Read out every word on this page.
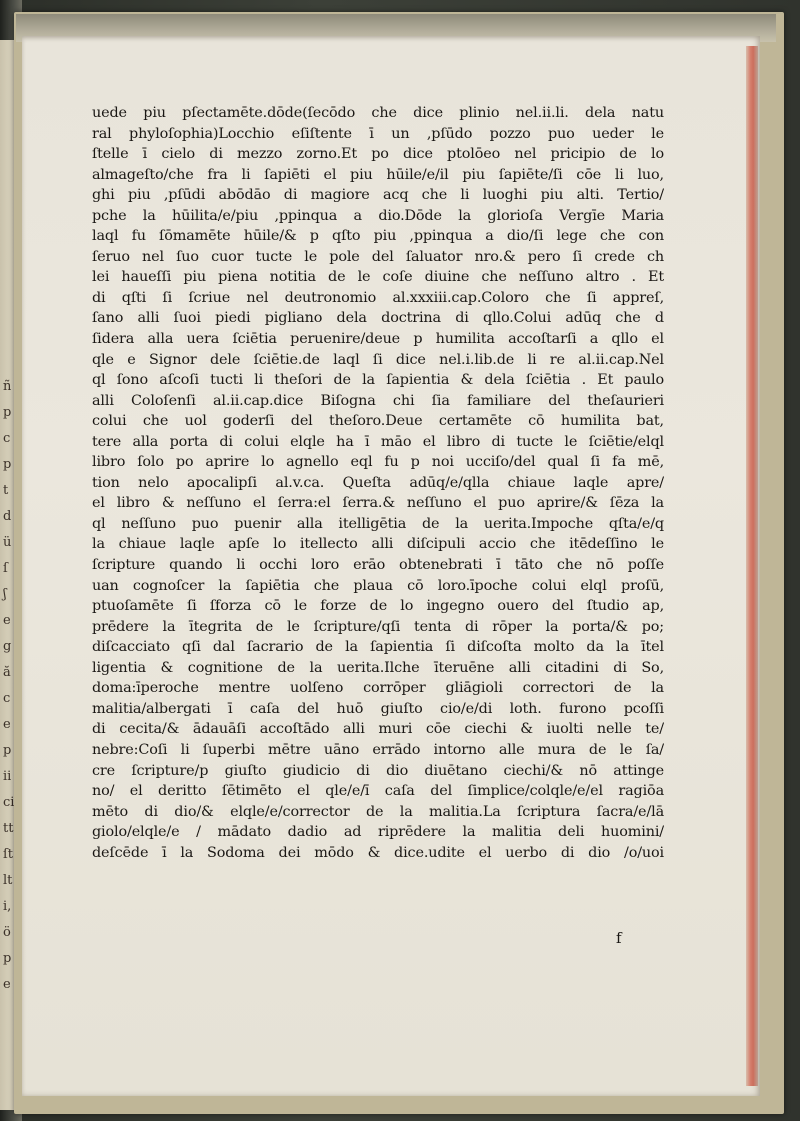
ñ
p
c
p
t
d
ü
ſ
ʃ
e
g
ă
c
e
p
ii
ci
tt
ſt
lt
i,
ö
p
e
uede piu pſectamēte.dōde(ſecōdo che dice plinio nel.ii.li. dela natu
ral phyloſophia)Locchio eſiſtente ī un ,pſūdo pozzo puo ueder le
ſtelle ī cielo di mezzo zorno.Et po dice ptolōeo nel pricipio de lo
almageſto/che fra li ſapiēti el piu hūile/e/il piu ſapiēte/ſi cōe li luo,
ghi piu ,pſūdi abōdāo di magiore acq che li luoghi piu alti. Tertio/
pche la hūilita/e/piu ,ppinqua a dio.Dōde la glorioſa Vergīe Maria
laql fu ſōmamēte hūile/& p qſto piu ,ppinqua a dio/ſi lege che con
ſeruo nel ſuo cuor tucte le pole del ſaluator nro.& pero ſi crede ch
lei haueſſi piu piena notitia de le coſe diuine che neſſuno altro . Et
di qſti ſi ſcriue nel deutronomio al.xxxiii.cap.Coloro che ſi appreſ,
ſano alli ſuoi piedi pigliano dela doctrina di qllo.Colui adūq che d
ſidera alla uera ſciētia peruenire/deue p humilita accoſtarſi a qllo el
qle e Signor dele ſciētie.de laql ſi dice nel.i.lib.de li re al.ii.cap.Nel
ql ſono aſcoſi tucti li theſori de la ſapientia & dela ſciētia . Et paulo
alli Coloſenſi al.ii.cap.dice Biſogna chi ſia familiare del theſaurieri
colui che uol goderſi del theſoro.Deue certamēte cō humilita bat,
tere alla porta di colui elqle ha ī māo el libro di tucte le ſciētie/elql
libro ſolo po aprire lo agnello eql fu p noi ucciſo/del qual ſi fa mē,
tion nelo apocalipſi al.v.ca. Queſta adūq/e/qlla chiaue laqle apre/
el libro & neſſuno el ſerra:el ſerra.& neſſuno el puo aprire/& ſēza la
ql neſſuno puo puenir alla itelligētia de la uerita.Impoche qſta/e/q
la chiaue laqle apſe lo itellecto alli diſcipuli accio che itēdeſſino le
ſcripture quando li occhi loro erāo obtenebrati ī tāto che nō poſſe
uan cognoſcer la ſapiētia che plaua cō loro.īpoche colui elql proſū,
ptuoſamēte ſi ſforza cō le forze de lo ingegno ouero del ſtudio ap,
prēdere la ītegrita de le ſcripture/qſi tenta di rōper la porta/& po;
diſcacciato qſi dal ſacrario de la ſapientia ſi diſcoſta molto da la ītel
ligentia & cognitione de la uerita.Ilche īteruēne alli citadini di So,
doma:īperoche mentre uolſeno corrōper gliāgioli correctori de la
malitia/albergati ī caſa del huō giuſto cio/e/di loth. furono pcoſſi
di cecita/& ādauāſi accoſtādo alli muri cōe ciechi & iuolti nelle te/
nebre:Coſi li ſuperbi mētre uāno errādo intorno alle mura de le ſa/
cre ſcripture/p giuſto giudicio di dio diuētano ciechi/& nō attinge
no/ el deritto ſētimēto el qle/e/ī caſa del ſimplice/colqle/e/el ragiōa
mēto di dio/& elqle/e/corrector de la malitia.La ſcriptura ſacra/e/lā
giolo/elqle/e / mādato dadio ad riprēdere la malitia deli huomini/
deſcēde ī la Sodoma dei mōdo & dice.udite el uerbo di dio /o/uoi
f
